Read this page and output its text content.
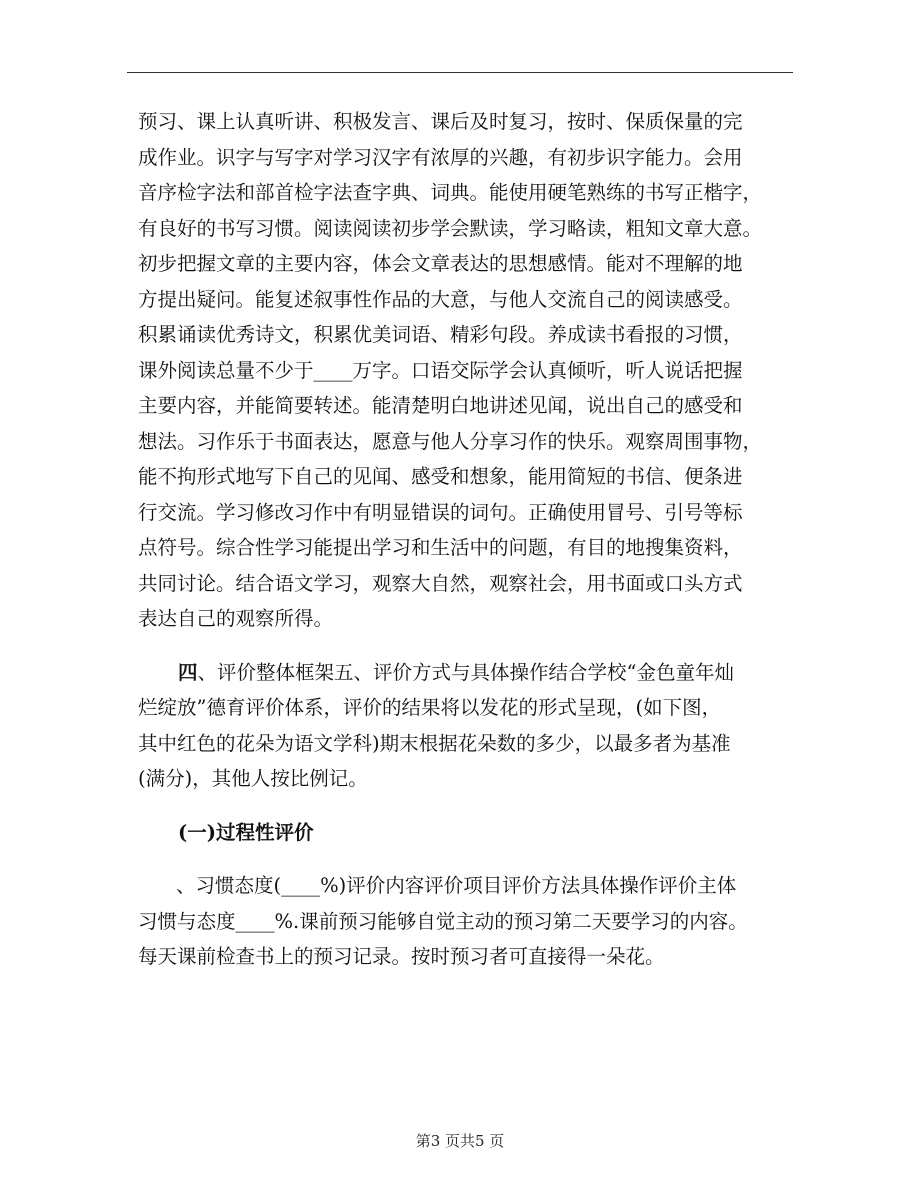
预习、课上认真听讲、积极发言、课后及时复习，按时、保质保量的完
成作业。识字与写字对学习汉字有浓厚的兴趣，有初步识字能力。会用
音序检字法和部首检字法查字典、词典。能使用硬笔熟练的书写正楷字，
有良好的书写习惯。阅读阅读初步学会默读，学习略读，粗知文章大意。
初步把握文章的主要内容，体会文章表达的思想感情。能对不理解的地
方提出疑问。能复述叙事性作品的大意，与他人交流自己的阅读感受。
积累诵读优秀诗文，积累优美词语、精彩句段。养成读书看报的习惯，
课外阅读总量不少于____万字。口语交际学会认真倾听，听人说话把握
主要内容，并能简要转述。能清楚明白地讲述见闻，说出自己的感受和
想法。习作乐于书面表达，愿意与他人分享习作的快乐。观察周围事物，
能不拘形式地写下自己的见闻、感受和想象，能用简短的书信、便条进
行交流。学习修改习作中有明显错误的词句。正确使用冒号、引号等标
点符号。综合性学习能提出学习和生活中的问题，有目的地搜集资料，
共同讨论。结合语文学习，观察大自然，观察社会，用书面或口头方式
表达自己的观察所得。
四、评价整体框架五、评价方式与具体操作结合学校“金色童年灿
烂绽放”德育评价体系，评价的结果将以发花的形式呈现，(如下图，
其中红色的花朵为语文学科)期末根据花朵数的多少，以最多者为基准
(满分)，其他人按比例记。
(一)过程性评价
、习惯态度(____%)评价内容评价项目评价方法具体操作评价主体
习惯与态度____%.课前预习能够自觉主动的预习第二天要学习的内容。
每天课前检查书上的预习记录。按时预习者可直接得一朵花。
第3 页共5 页
